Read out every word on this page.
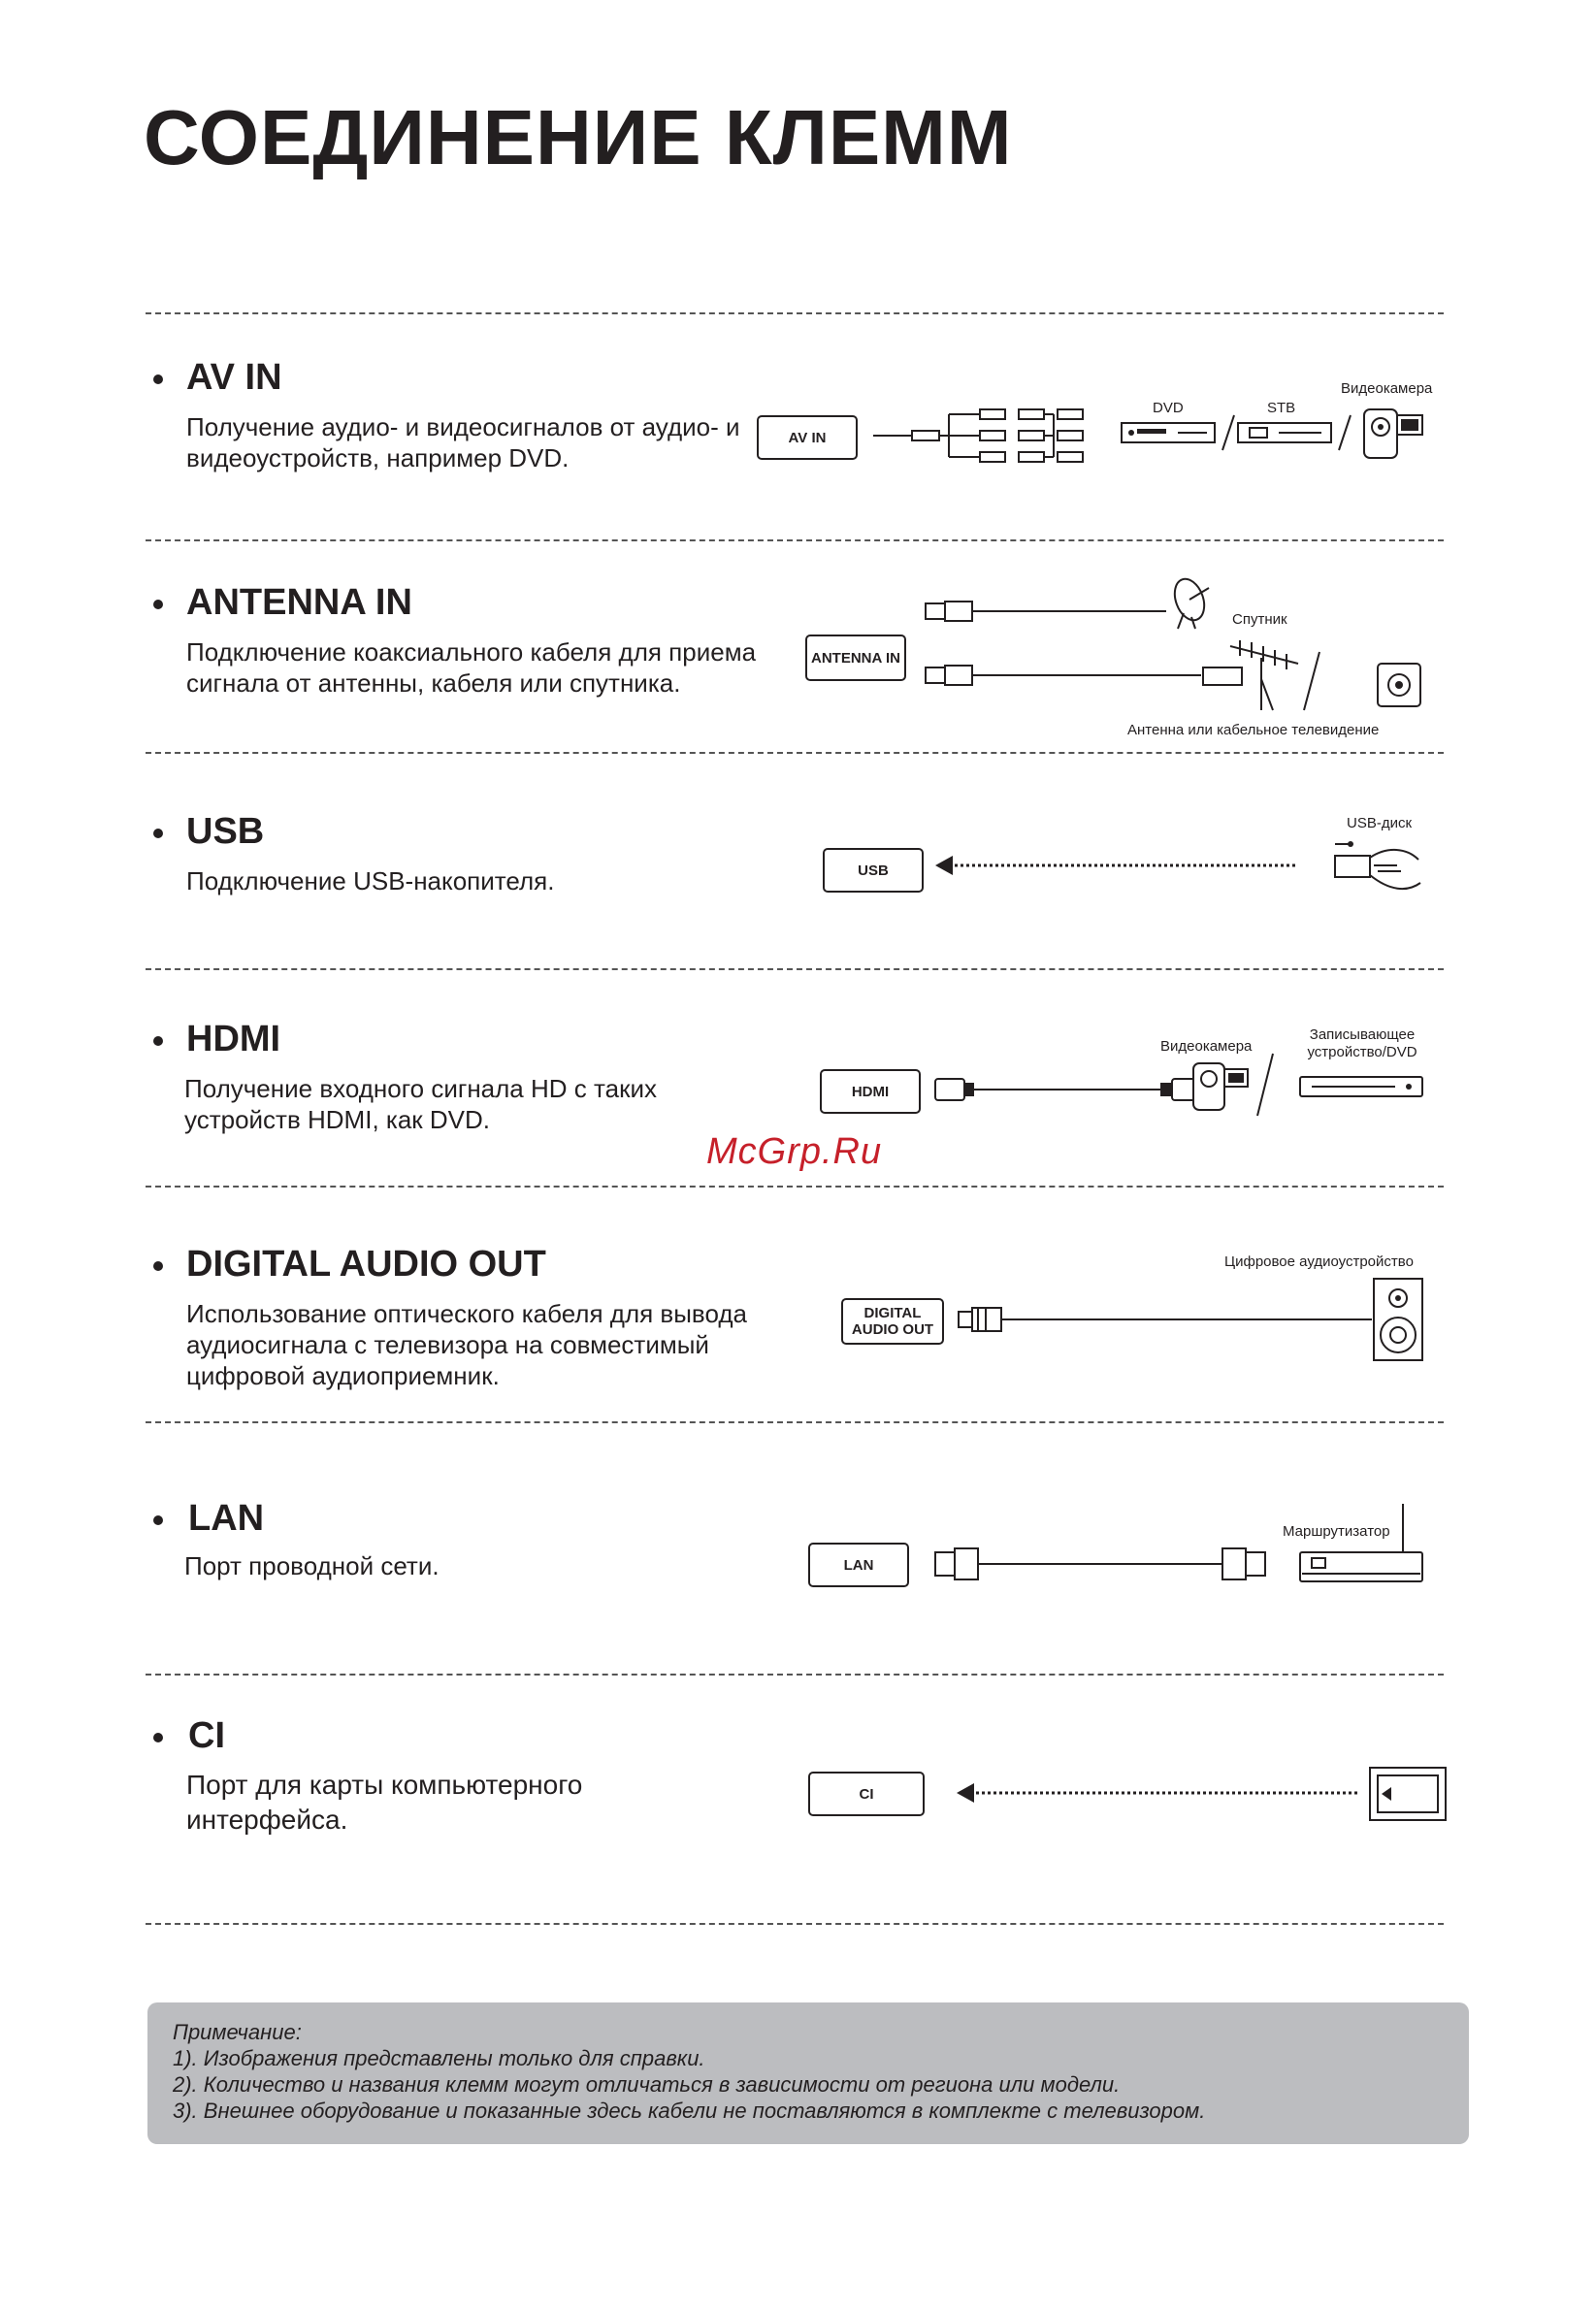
СОЕДИНЕНИЕ КЛЕММ
AV IN
Получение аудио- и видеосигналов от аудио- и видеоустройств, например DVD.
AV IN
DVD	STB
Видеокамера
ANTENNA IN
Подключение коаксиального кабеля для приема сигнала от антенны, кабеля или спутника.
ANTENNA IN
Спутник
Антенна или кабельное телевидение
USB
Подключение USB-накопителя.	USB
USB-диск
HDMI
Получение входного сигнала HD с таких устройств HDMI, как DVD.
HDMI
Видеокамера
Записывающее устройство/DVD
McGrp.Ru
DIGITAL AUDIO OUT
Использование оптического кабеля для вывода аудиосигнала с телевизора на совместимый цифровой аудиоприемник.
DIGITAL AUDIO OUT
Цифровое аудиоустройство
LAN
Порт проводной сети.	LAN
Маршрутизатор
CI
Порт для карты компьютерного интерфейса.
CI
Примечание:
1). Изображения представлены только для справки.
2). Количество и названия клемм могут отличаться в зависимости от региона или модели.
3). Внешнее оборудование и показанные здесь кабели не поставляются в комплекте с телевизором.
